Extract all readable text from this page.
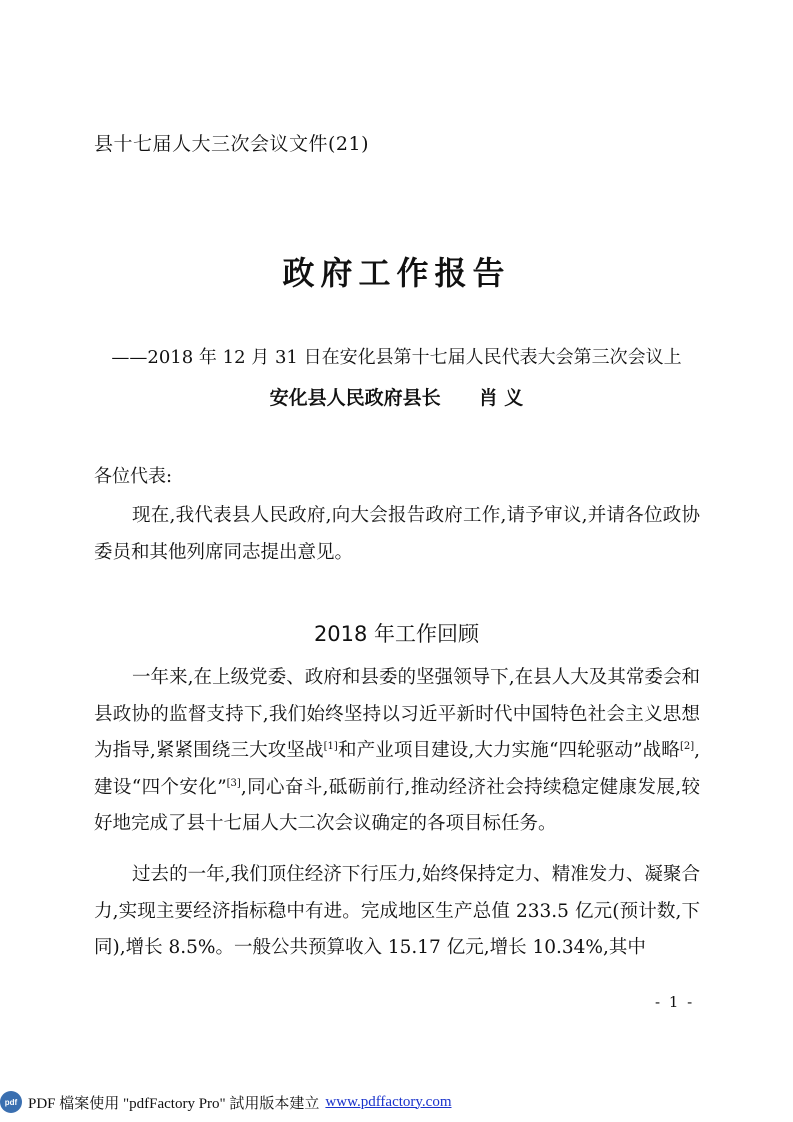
县十七届人大三次会议文件(21)
政府工作报告
——2018 年 12 月 31 日在安化县第十七届人民代表大会第三次会议上
安化县人民政府县长 肖 义
各位代表:

现在,我代表县人民政府,向大会报告政府工作,请予审议,并请各位政协委员和其他列席同志提出意见。

2018 年工作回顾

一年来,在上级党委、政府和县委的坚强领导下,在县人大及其常委会和县政协的监督支持下,我们始终坚持以习近平新时代中国特色社会主义思想为指导,紧紧围绕三大攻坚战[1]和产业项目建设,大力实施“四轮驱动”战略[2],建设“四个安化”[3],同心奋斗,砥砺前行,推动经济社会持续稳定健康发展,较好地完成了县十七届人大二次会议确定的各项目标任务。

过去的一年,我们顶住经济下行压力,始终保持定力、精准发力、凝聚合力,实现主要经济指标稳中有进。完成地区生产总值 233.5 亿元(预计数,下同),增长 8.5%。一般公共预算收入 15.17 亿元,增长 10.34%,其中

- 1 -
pdf PDF 檔案使用 "pdfFactory Pro" 試用版本建立 www.pdffactory.com
